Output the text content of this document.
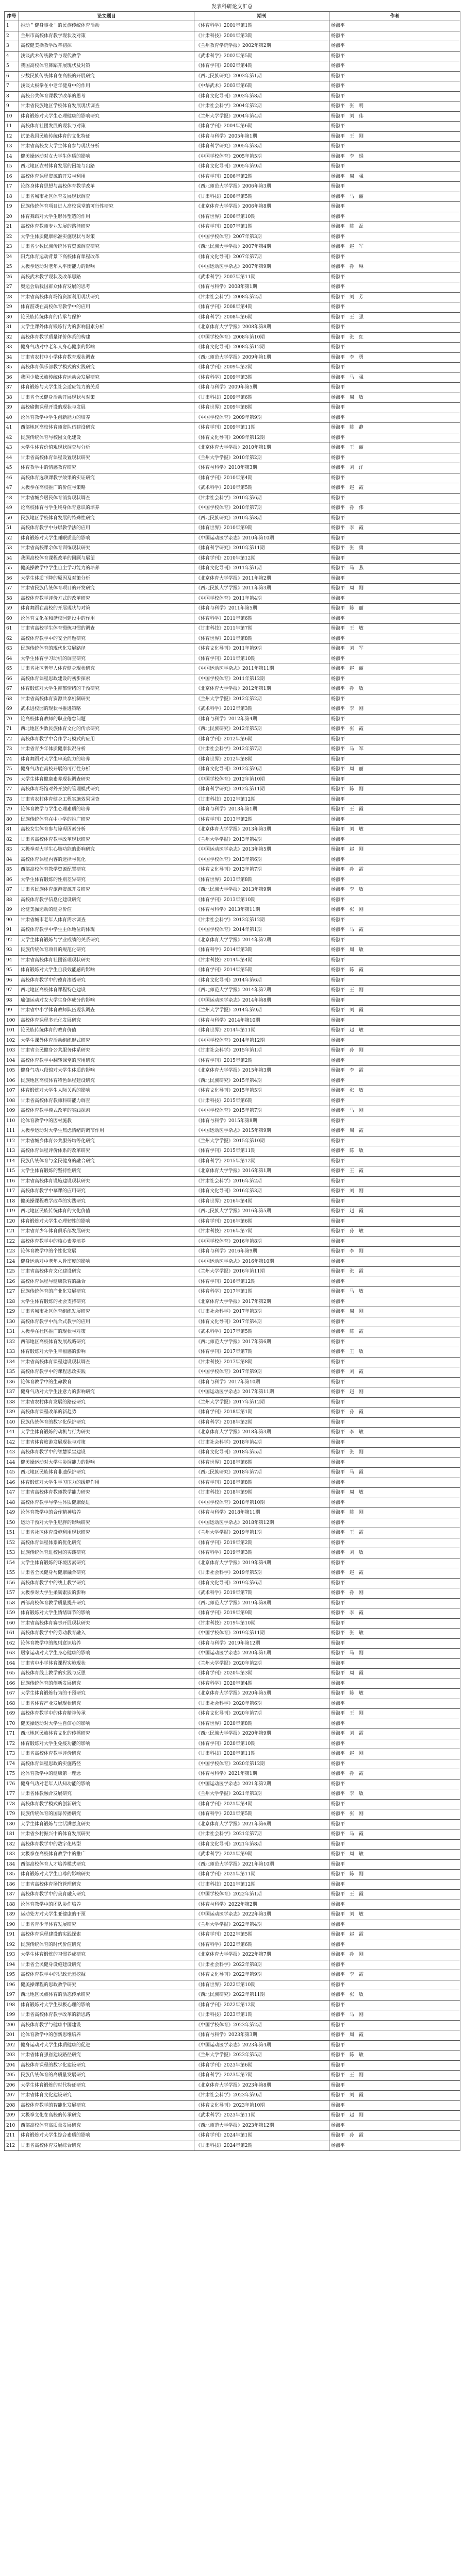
发表科研论文汇总
序号	论文题目	期刊	作者
1	推动＂健身事业＂的民族传统体育活动	《体育科学》2001年第1期	杨淑平
2	兰州市高校体育教学现状及对策	《甘肃科技》2001年第3期	杨淑平
3	高校健美操教学改革初探	《兰州教育学院学报》2002年第2期	杨淑平
4	浅谈武术传统教学与现代教学	《武术科学》2002年第5期	杨淑平
5	我国高校体育舞蹈开展现状及对策	《体育学刊》2002年第4期	杨淑平
6	少数民族传统体育在高校的开展研究	《西北民族研究》2003年第1期	杨淑平
7	浅谈太极拳在中老年健身中的作用	《中华武术》2003年第6期	杨淑平
8	高校公共体育课教学改革的思考	《体育文化导刊》2003年第8期	杨淑平
9	甘肃省民族地区学校体育发展现状调查	《甘肃社会科学》2004年第2期	杨淑平　张　明
10	体育锻炼对大学生心理健康的影响研究	《兰州大学学报》2004年第4期	杨淑平　刘　伟
11	高校体育社团发展的现状与对策	《体育学刊》2004年第6期	杨淑平
12	试论我国民族传统体育的文化特征	《体育与科学》2005年第1期	杨淑平　王　刚
13	甘肃省高校女大学生体育参与现状分析	《体育科学研究》2005年第3期	杨淑平
14	健美操运动对女大学生体质的影响	《中国学校体育》2005年第5期	杨淑平　李　娟
15	西北地区农村体育发展的困境与出路	《体育文化导刊》2005年第9期	杨淑平
16	高校体育课程资源的开发与利用	《体育学刊》2006年第2期	杨淑平　周　强
17	论终身体育思想与高校体育教学改革	《西北师范大学学报》2006年第3期	杨淑平
18	甘肃省城市社区体育发展现状调查	《甘肃科技》2006年第5期	杨淑平　马　丽
19	民族传统体育项目进入高校课堂的可行性研究	《北京体育大学学报》2006年第8期	杨淑平
20	体育舞蹈对大学生形体塑造的作用	《体育世界》2006年第10期	杨淑平
21	高校体育教师专业发展的路径研究	《体育学刊》2007年第1期	杨淑平　陈　磊
22	大学生体质健康标准实施现状与对策	《中国学校体育》2007年第3期	杨淑平
23	甘肃省少数民族传统体育资源调查研究	《西北民族大学学报》2007年第4期	杨淑平　赵　军
24	阳光体育运动背景下高校体育课程改革	《体育文化导刊》2007年第7期	杨淑平
25	太极拳运动对老年人平衡能力的影响	《中国运动医学杂志》2007年第9期	杨淑平　孙　琳
26	高校武术教学现状及改革思路	《武术科学》2007年第11期	杨淑平
27	奥运会后我国群众体育发展的思考	《体育与科学》2008年第1期	杨淑平
28	甘肃省高校体育场馆资源利用现状研究	《甘肃社会科学》2008年第2期	杨淑平　刘　芳
29	体育游戏在高校体育教学中的应用	《体育学刊》2008年第4期	杨淑平
30	论民族传统体育的传承与保护	《体育科学》2008年第6期	杨淑平　王　强
31	大学生课外体育锻炼行为的影响因素分析	《北京体育大学学报》2008年第8期	杨淑平
32	高校体育教学质量评价体系的构建	《中国学校体育》2008年第10期	杨淑平　张　红
33	健身气功对中老年人身心健康的影响	《体育文化导刊》2008年第12期	杨淑平
34	甘肃省农村中小学体育教育现状调查	《西北师范大学学报》2009年第1期	杨淑平　李　勇
35	高校体育俱乐部教学模式的实践研究	《体育学刊》2009年第2期	杨淑平
36	我国少数民族传统体育运动会发展研究	《体育科学》2009年第3期	杨淑平　马　强
37	体育锻炼与大学生社会适应能力的关系	《体育与科学》2009年第5期	杨淑平
38	甘肃省全民健身活动开展现状与对策	《甘肃科技》2009年第6期	杨淑平　周　敏
39	高校瑜伽课程开设的现状与发展	《体育世界》2009年第8期	杨淑平
40	论体育教学中学生创新能力的培养	《中国学校体育》2009年第9期	杨淑平
41	西部地区高校体育师资队伍建设研究	《体育学刊》2009年第11期	杨淑平　陈　静
42	民族传统体育与校园文化建设	《体育文化导刊》2009年第12期	杨淑平
43	大学生体育价值观现状调查与分析	《北京体育大学学报》2010年第1期	杨淑平　王　丽
44	甘肃省高校体育课程设置现状研究	《兰州大学学报》2010年第2期	杨淑平
45	体育教学中的情感教育研究	《体育与科学》2010年第3期	杨淑平　刘　洋
46	高校体育选项课教学效果的实证研究	《体育学刊》2010年第4期	杨淑平
47	太极拳在高校推广的价值与策略	《武术科学》2010年第5期	杨淑平　赵　霞
48	甘肃省城乡居民体育消费现状调查	《甘肃社会科学》2010年第6期	杨淑平
49	论高校体育与学生终身体育意识的培养	《中国学校体育》2010年第7期	杨淑平　孙　伟
50	民族地区学校体育发展的特殊性研究	《西北民族研究》2010年第8期	杨淑平
51	高校体育教学中分层教学法的应用	《体育世界》2010年第9期	杨淑平　李　霞
52	体育锻炼对大学生睡眠质量的影响	《中国运动医学杂志》2010年第10期	杨淑平
53	甘肃省高校课余体育训练现状研究	《体育科学研究》2010年第11期	杨淑平　张　勇
54	我国高校体育课程改革的回顾与展望	《体育学刊》2010年第12期	杨淑平
55	健美操教学中学生自主学习能力的培养	《体育文化导刊》2011年第1期	杨淑平　马　燕
56	大学生体质下降的原因及对策分析	《北京体育大学学报》2011年第2期	杨淑平
57	甘肃省民族传统体育项目的开发研究	《西北民族大学学报》2011年第3期	杨淑平　周　刚
58	高校体育教学评价方式的改革研究	《中国学校体育》2011年第4期	杨淑平
59	体育舞蹈在高校的开展现状与对策	《体育与科学》2011年第5期	杨淑平　陈　丽
60	论体育文化在和谐校园建设中的作用	《体育科学》2011年第6期	杨淑平
61	甘肃省高校学生体育锻炼习惯的调查	《甘肃科技》2011年第7期	杨淑平　王　敏
62	高校体育教学中的安全问题研究	《体育世界》2011年第8期	杨淑平
63	民族传统体育的现代化发展路径	《体育文化导刊》2011年第9期	杨淑平　刘　军
64	大学生体育学习动机的调查研究	《体育学刊》2011年第10期	杨淑平
65	甘肃省社区老年人体育健身现状研究	《中国运动医学杂志》2011年第11期	杨淑平　赵　丽
66	高校体育课程思政建设的初步探索	《中国学校体育》2011年第12期	杨淑平
67	体育锻炼对大学生抑郁情绪的干预研究	《北京体育大学学报》2012年第1期	杨淑平　孙　敏
68	甘肃省高校体育资源共享机制研究	《兰州大学学报》2012年第2期	杨淑平
69	武术进校园的现状与推进策略	《武术科学》2012年第3期	杨淑平　李　刚
70	论高校体育教师的职业倦怠问题	《体育与科学》2012年第4期	杨淑平
71	西北地区少数民族体育文化的传承研究	《西北民族研究》2012年第5期	杨淑平　张　霞
72	高校体育教学中合作学习模式的应用	《体育学刊》2012年第6期	杨淑平
73	甘肃省青少年体质健康状况分析	《甘肃社会科学》2012年第7期	杨淑平　马　军
74	体育舞蹈对大学生审美能力的培养	《体育世界》2012年第8期	杨淑平
75	健身气功在高校开展的可行性分析	《体育文化导刊》2012年第9期	杨淑平　周　丽
76	大学生体育健康素养现状调查研究	《中国学校体育》2012年第10期	杨淑平
77	高校体育场馆对外开放的管理模式研究	《体育科学研究》2012年第11期	杨淑平　陈　刚
78	甘肃省农村体育健身工程实施效果调查	《甘肃科技》2012年第12期	杨淑平
79	论体育教学与学生心理素质的培养	《体育与科学》2013年第1期	杨淑平　王　霞
80	民族传统体育在中小学的推广研究	《体育学刊》2013年第2期	杨淑平
81	高校女生体育参与障碍因素分析	《北京体育大学学报》2013年第3期	杨淑平　刘　敏
82	甘肃省高校体育教学改革现状研究	《兰州大学学报》2013年第4期	杨淑平
83	太极拳对大学生心肺功能的影响研究	《中国运动医学杂志》2013年第5期	杨淑平　赵　刚
84	高校体育课程内容的选择与优化	《中国学校体育》2013年第6期	杨淑平
85	西部高校体育教学资源配置研究	《体育文化导刊》2013年第7期	杨淑平　孙　霞
86	大学生体育锻炼的性别差异研究	《体育世界》2013年第8期	杨淑平
87	甘肃省民族体育旅游资源开发研究	《西北民族大学学报》2013年第9期	杨淑平　李　敏
88	高校体育教学信息化建设研究	《体育学刊》2013年第10期	杨淑平
89	论健美操运动的健身价值	《体育与科学》2013年第11期	杨淑平　张　刚
90	甘肃省城市老年人体育需求调查	《甘肃社会科学》2013年第12期	杨淑平
91	高校体育教学中学生主体地位的体现	《中国学校体育》2014年第1期	杨淑平　马　霞
92	大学生体育锻炼与学业成绩的关系研究	《北京体育大学学报》2014年第2期	杨淑平
93	民族传统体育项目的规范化研究	《体育科学》2014年第3期	杨淑平　周　敏
94	甘肃省高校体育社团管理现状研究	《甘肃科技》2014年第4期	杨淑平
95	体育锻炼对大学生自我效能感的影响	《体育学刊》2014年第5期	杨淑平　陈　霞
96	高校体育教学中的德育渗透研究	《体育文化导刊》2014年第6期	杨淑平
97	西北地区高校体育课程特色建设	《西北师范大学学报》2014年第7期	杨淑平　王　刚
98	瑜伽运动对女大学生身体成分的影响	《中国运动医学杂志》2014年第8期	杨淑平
99	甘肃省中小学体育教师队伍现状调查	《兰州大学学报》2014年第9期	杨淑平　刘　霞
100	高校体育课程多元化发展研究	《体育与科学》2014年第10期	杨淑平
101	论民族传统体育的教育价值	《体育世界》2014年第11期	杨淑平　赵　敏
102	大学生课外体育活动组织形式研究	《中国学校体育》2014年第12期	杨淑平
103	甘肃省全民健身公共服务体系研究	《甘肃社会科学》2015年第1期	杨淑平　孙　刚
104	高校体育教学中翻转课堂的应用研究	《体育学刊》2015年第2期	杨淑平
105	健身气功八段锦对大学生体质的影响	《北京体育大学学报》2015年第3期	杨淑平　李　霞
106	民族地区高校体育特色课程建设研究	《西北民族研究》2015年第4期	杨淑平
107	体育锻炼对大学生人际关系的影响	《体育文化导刊》2015年第5期	杨淑平　张　敏
108	甘肃省高校体育教师科研能力调查	《甘肃科技》2015年第6期	杨淑平
109	高校体育教学模式改革的实践探索	《中国学校体育》2015年第7期	杨淑平　马　刚
110	论体育教学中的因材施教	《体育与科学》2015年第8期	杨淑平
111	太极拳运动对大学生焦虑情绪的调节作用	《中国运动医学杂志》2015年第9期	杨淑平　周　霞
112	甘肃省城乡体育公共服务均等化研究	《兰州大学学报》2015年第10期	杨淑平
113	高校体育课程评价体系的改革研究	《体育学刊》2015年第11期	杨淑平　陈　敏
114	民族传统体育与全民健身的融合研究	《体育科学》2015年第12期	杨淑平
115	大学生体育锻炼的坚持性研究	《北京体育大学学报》2016年第1期	杨淑平　王　霞
116	甘肃省高校体育设施建设现状研究	《甘肃社会科学》2016年第2期	杨淑平
117	高校体育教学中慕课的应用研究	《体育文化导刊》2016年第3期	杨淑平　刘　刚
118	健美操课程教学改革的实践研究	《体育世界》2016年第4期	杨淑平
119	西北地区民族传统体育的文化价值	《西北民族大学学报》2016年第5期	杨淑平　赵　霞
120	体育锻炼对大学生心理韧性的影响	《体育学刊》2016年第6期	杨淑平
121	甘肃省青少年体育俱乐部发展研究	《甘肃科技》2016年第7期	杨淑平　孙　敏
122	高校体育教学中的核心素养培养	《中国学校体育》2016年第8期	杨淑平
123	论体育教学中的个性化发展	《体育与科学》2016年第9期	杨淑平　李　刚
124	健身运动对中老年人骨密度的影响	《中国运动医学杂志》2016年第10期	杨淑平
125	甘肃省高校体育文化建设研究	《兰州大学学报》2016年第11期	杨淑平　张　霞
126	高校体育课程与健康教育的融合	《体育学刊》2016年第12期	杨淑平
127	民族传统体育的产业化发展研究	《体育科学》2017年第1期	杨淑平　马　敏
128	大学生体育锻炼的社会支持研究	《北京体育大学学报》2017年第2期	杨淑平
129	甘肃省城市社区体育组织发展研究	《甘肃社会科学》2017年第3期	杨淑平　周　刚
130	高校体育教学中混合式教学的应用	《体育文化导刊》2017年第4期	杨淑平
131	太极拳在社区推广的现状与对策	《武术科学》2017年第5期	杨淑平　陈　霞
132	西部地区高校体育发展战略研究	《西北师范大学学报》2017年第6期	杨淑平
133	体育锻炼对大学生幸福感的影响	《体育学刊》2017年第7期	杨淑平　王　敏
134	甘肃省高校体育课程建设现状调查	《甘肃科技》2017年第8期	杨淑平
135	高校体育教学中的课程思政实践	《中国学校体育》2017年第9期	杨淑平　刘　霞
136	论体育教学中的生命教育	《体育与科学》2017年第10期	杨淑平
137	健身气功对大学生注意力的影响研究	《中国运动医学杂志》2017年第11期	杨淑平　赵　刚
138	甘肃省农村体育发展的路径研究	《兰州大学学报》2017年第12期	杨淑平
139	高校体育课程改革的新趋势	《体育学刊》2018年第1期	杨淑平　孙　霞
140	民族传统体育的数字化保护研究	《体育科学》2018年第2期	杨淑平
141	大学生体育锻炼的动机与行为研究	《北京体育大学学报》2018年第3期	杨淑平　李　敏
142	甘肃省体育旅游发展现状与对策	《甘肃社会科学》2018年第4期	杨淑平
143	高校体育教学中的智慧课堂建设	《体育文化导刊》2018年第5期	杨淑平　张　刚
144	健美操运动对大学生协调能力的影响	《体育世界》2018年第6期	杨淑平
145	西北地区民族体育非遗保护研究	《西北民族研究》2018年第7期	杨淑平　马　霞
146	体育锻炼对大学生学习压力的缓解作用	《体育学刊》2018年第8期	杨淑平
147	甘肃省高校体育教师教学能力研究	《甘肃科技》2018年第9期	杨淑平　周　敏
148	高校体育教学与学生体质健康促进	《中国学校体育》2018年第10期	杨淑平
149	论体育教学中的合作精神培养	《体育与科学》2018年第11期	杨淑平　陈　刚
150	运动干预对大学生肥胖的影响研究	《中国运动医学杂志》2018年第12期	杨淑平
151	甘肃省社区体育设施利用现状研究	《兰州大学学报》2019年第1期	杨淑平　王　霞
152	高校体育课程体系的优化研究	《体育学刊》2019年第2期	杨淑平
153	民族传统体育进校园的实践研究	《体育科学》2019年第3期	杨淑平　刘　敏
154	大学生体育锻炼的环境因素研究	《北京体育大学学报》2019年第4期	杨淑平
155	甘肃省全民健身与健康融合研究	《甘肃社会科学》2019年第5期	杨淑平　赵　霞
156	高校体育教学中的线上教学研究	《体育文化导刊》2019年第6期	杨淑平
157	太极拳对大学生柔韧素质的影响	《武术科学》2019年第7期	杨淑平　孙　刚
158	西部高校体育教学质量提升研究	《西北师范大学学报》2019年第8期	杨淑平
159	体育锻炼对大学生情绪调节的影响	《体育学刊》2019年第9期	杨淑平　李　霞
160	甘肃省高校体育赛事开展现状研究	《甘肃科技》2019年第10期	杨淑平
161	高校体育教学中的劳动教育融入	《中国学校体育》2019年第11期	杨淑平　张　敏
162	论体育教学中的规则意识培养	《体育与科学》2019年第12期	杨淑平
163	居家运动对大学生身心健康的影响	《中国运动医学杂志》2020年第1期	杨淑平　马　刚
164	甘肃省中小学体育课程实施现状	《兰州大学学报》2020年第2期	杨淑平
165	高校体育线上教学的实践与反思	《体育学刊》2020年第3期	杨淑平　周　霞
166	民族传统体育的创新发展研究	《体育科学》2020年第4期	杨淑平
167	大学生体育锻炼行为的干预研究	《北京体育大学学报》2020年第5期	杨淑平　陈　敏
168	甘肃省体育产业发展现状研究	《甘肃社会科学》2020年第6期	杨淑平
169	高校体育教学中的体育精神传承	《体育文化导刊》2020年第7期	杨淑平　王　刚
170	健美操运动对大学生自信心的影响	《体育世界》2020年第8期	杨淑平
171	西北地区民族体育文化的传播研究	《西北民族大学学报》2020年第9期	杨淑平　刘　霞
172	体育锻炼对大学生免疫功能的影响	《体育学刊》2020年第10期	杨淑平
173	甘肃省高校体育教学评价研究	《甘肃科技》2020年第11期	杨淑平　赵　刚
174	高校体育课程思政的实施路径	《中国学校体育》2020年第12期	杨淑平
175	论体育教学中的健康第一理念	《体育与科学》2021年第1期	杨淑平　孙　霞
176	健身气功对老年人认知功能的影响	《中国运动医学杂志》2021年第2期	杨淑平
177	甘肃省体教融合发展研究	《兰州大学学报》2021年第3期	杨淑平　李　敏
178	高校体育教学模式的创新研究	《体育学刊》2021年第4期	杨淑平
179	民族传统体育的国际传播研究	《体育科学》2021年第5期	杨淑平　张　刚
180	大学生体育锻炼与生活满意度研究	《北京体育大学学报》2021年第6期	杨淑平
181	甘肃省乡村振兴中的体育发展研究	《甘肃社会科学》2021年第7期	杨淑平　马　霞
182	高校体育教学中的数字化转型	《体育文化导刊》2021年第8期	杨淑平
183	太极拳在高校体育教学中的推广	《武术科学》2021年第9期	杨淑平　周　敏
184	西部高校体育人才培养模式研究	《西北师范大学学报》2021年第10期	杨淑平
185	体育锻炼对大学生自尊的影响研究	《体育学刊》2021年第11期	杨淑平　陈　刚
186	甘肃省高校体育场馆管理研究	《甘肃科技》2021年第12期	杨淑平
187	高校体育教学中的美育融入研究	《中国学校体育》2022年第1期	杨淑平　王　霞
188	论体育教学中的团队协作培养	《体育与科学》2022年第2期	杨淑平
189	运动处方对大学生亚健康的干预	《中国运动医学杂志》2022年第3期	杨淑平　刘　敏
190	甘肃省青少年体育发展研究	《兰州大学学报》2022年第4期	杨淑平
191	高校体育课程建设的实践探索	《体育学刊》2022年第5期	杨淑平　赵　霞
192	民族传统体育的时代价值研究	《体育科学》2022年第6期	杨淑平
193	大学生体育锻炼的习惯养成研究	《北京体育大学学报》2022年第7期	杨淑平　孙　刚
194	甘肃省全民健身设施建设研究	《甘肃社会科学》2022年第8期	杨淑平
195	高校体育教学中的思政元素挖掘	《体育文化导刊》2022年第9期	杨淑平　李　霞
196	健美操课程的思政教学研究	《体育世界》2022年第10期	杨淑平
197	西北地区民族体育的活态传承研究	《西北民族研究》2022年第11期	杨淑平　张　敏
198	体育锻炼对大学生积极心理的影响	《体育学刊》2022年第12期	杨淑平
199	甘肃省高校体育教学改革的新思路	《甘肃科技》2023年第1期	杨淑平　马　刚
200	高校体育教学与健康中国建设	《中国学校体育》2023年第2期	杨淑平
201	论体育教学中的创新思维培养	《体育与科学》2023年第3期	杨淑平　周　霞
202	健身运动对大学生体质健康的促进	《中国运动医学杂志》2023年第4期	杨淑平
203	甘肃省体育强省建设路径研究	《兰州大学学报》2023年第5期	杨淑平　陈　敏
204	高校体育课程的数字化建设研究	《体育学刊》2023年第6期	杨淑平
205	民族传统体育的高质量发展研究	《体育科学》2023年第7期	杨淑平　王　刚
206	大学生体育锻炼的时代特征研究	《北京体育大学学报》2023年第8期	杨淑平
207	甘肃省体育文化建设研究	《甘肃社会科学》2023年第9期	杨淑平　刘　霞
208	高校体育教学的智能化发展研究	《体育文化导刊》2023年第10期	杨淑平
209	太极拳文化在高校的传承研究	《武术科学》2023年第11期	杨淑平　赵　刚
210	西部高校体育高质量发展研究	《西北师范大学学报》2023年第12期	杨淑平
211	体育锻炼对大学生综合素质的影响	《体育学刊》2024年第1期	杨淑平　孙　霞
212	甘肃省高校体育发展综合研究	《甘肃科技》2024年第2期	杨淑平
